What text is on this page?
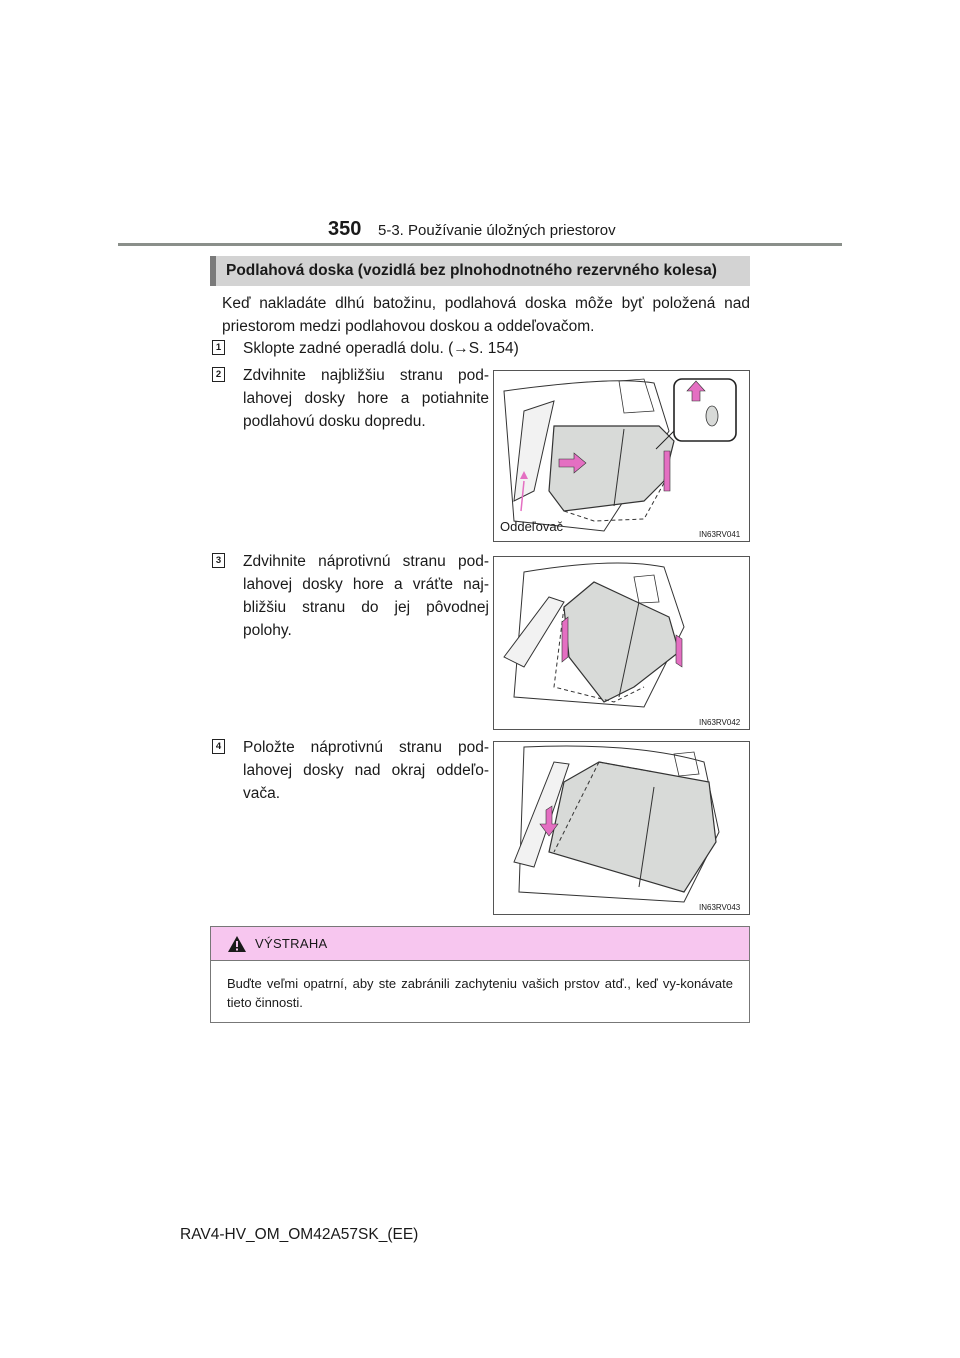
350 5-3. Používanie úložných priestorov
Podlahová doska (vozidlá bez plnohodnotného rezervného kolesa)
Keď nakladáte dlhú batožinu, podlahová doska môže byť položená nad priestorom medzi podlahovou doskou a oddeľovačom.
1 Sklopte zadné operadlá dolu. (→S. 154)
2 Zdvihnite najbližšiu stranu pod-lahovej dosky hore a potiahnite podlahovú dosku dopredu.
Oddeľovač
IN63RV041
3 Zdvihnite náprotivnú stranu pod-lahovej dosky hore a vráťte naj-bližšiu stranu do jej pôvodnej polohy.
IN63RV042
4 Položte náprotivnú stranu pod-lahovej dosky nad okraj oddeľo-vača.
IN63RV043
VÝSTRAHA
Buďte veľmi opatrní, aby ste zabránili zachyteniu vašich prstov atď., keď vy-konávate tieto činnosti.
RAV4-HV_OM_OM42A57SK_(EE)
